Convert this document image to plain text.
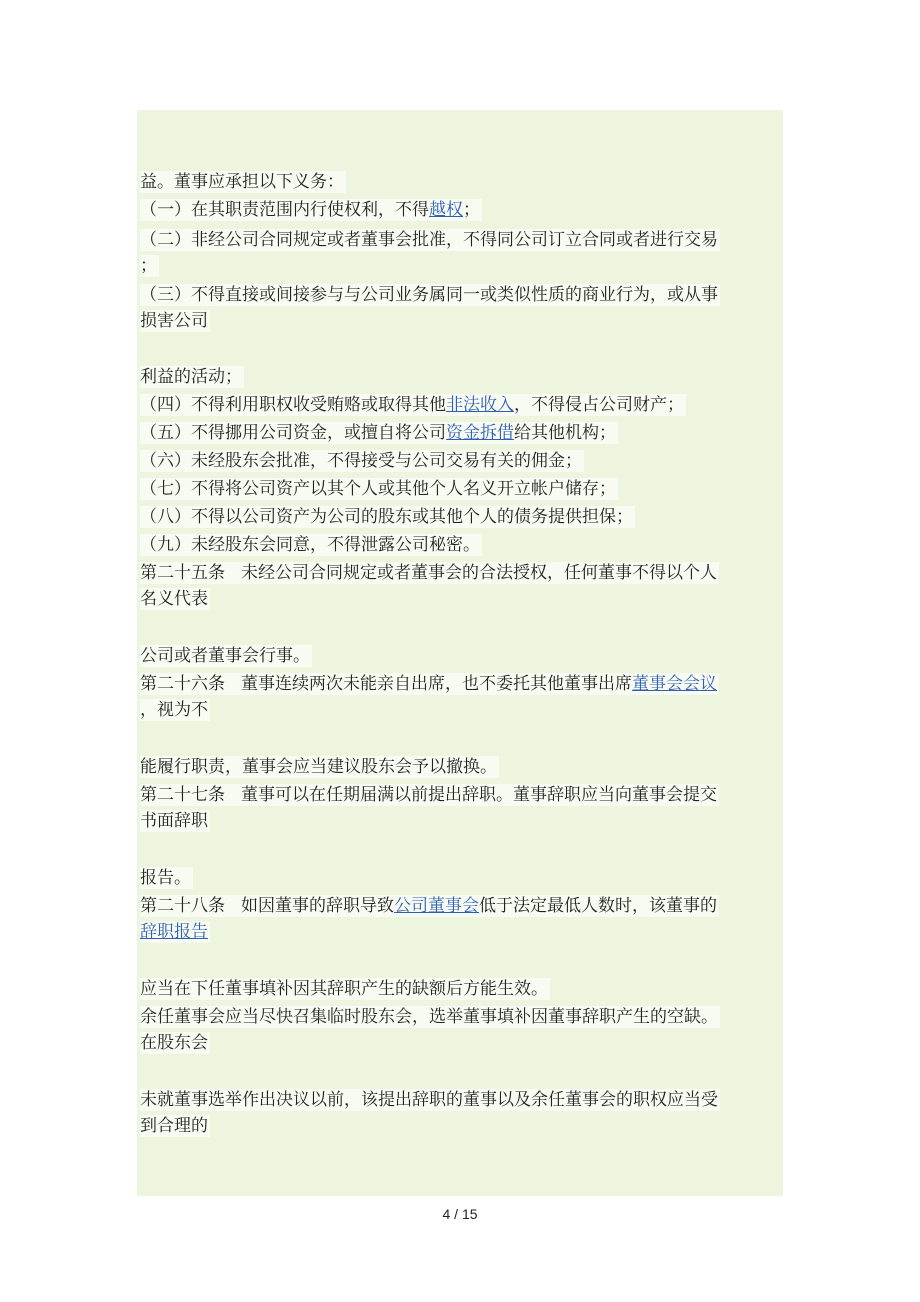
益。董事应承担以下义务：
（一）在其职责范围内行使权利，不得越权；
（二）非经公司合同规定或者董事会批准，不得同公司订立合同或者进行交易
；
（三）不得直接或间接参与与公司业务属同一或类似性质的商业行为，或从事
损害公司
利益的活动；
（四）不得利用职权收受贿赂或取得其他非法收入，不得侵占公司财产；
（五）不得挪用公司资金，或擅自将公司资金拆借给其他机构；
（六）未经股东会批准，不得接受与公司交易有关的佣金；
（七）不得将公司资产以其个人或其他个人名义开立帐户储存；
（八）不得以公司资产为公司的股东或其他个人的债务提供担保；
（九）未经股东会同意，不得泄露公司秘密。
第二十五条 未经公司合同规定或者董事会的合法授权，任何董事不得以个人
名义代表
公司或者董事会行事。
第二十六条 董事连续两次未能亲自出席，也不委托其他董事出席董事会会议
，视为不
能履行职责，董事会应当建议股东会予以撤换。
第二十七条 董事可以在任期届满以前提出辞职。董事辞职应当向董事会提交
书面辞职
报告。
第二十八条 如因董事的辞职导致公司董事会低于法定最低人数时，该董事的
辞职报告
应当在下任董事填补因其辞职产生的缺额后方能生效。
余任董事会应当尽快召集临时股东会，选举董事填补因董事辞职产生的空缺。
在股东会
未就董事选举作出决议以前，该提出辞职的董事以及余任董事会的职权应当受
到合理的
4 / 15
